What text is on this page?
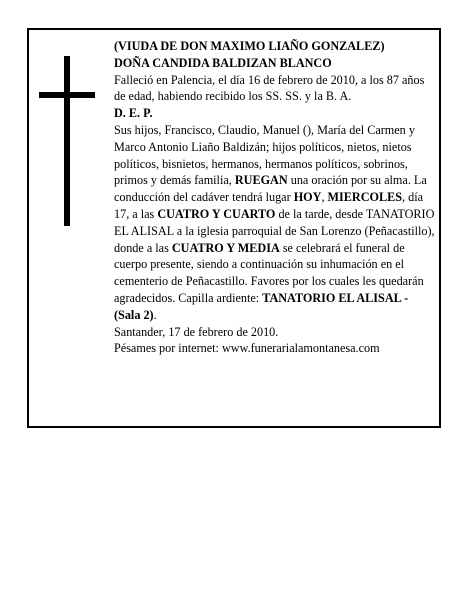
(VIUDA DE DON MAXIMO LIAÑO GONZALEZ)

DOÑA CANDIDA BALDIZAN BLANCO

Falleció en Palencia, el día 16 de febrero de 2010, a los 87 años de edad, habiendo recibido los SS. SS. y la B. A.

D. E. P.

Sus hijos, Francisco, Claudio, Manuel (), María del Carmen y Marco Antonio Liaño Baldizán; hijos políticos, nietos, nietos políticos, bisnietos, hermanos, hermanos políticos, sobrinos, primos y demás familia, RUEGAN una oración por su alma. La conducción del cadáver tendrá lugar HOY, MIERCOLES, día 17, a las CUATRO Y CUARTO de la tarde, desde TANATORIO EL ALISAL a la iglesia parroquial de San Lorenzo (Peñacastillo), donde a las CUATRO Y MEDIA se celebrará el funeral de cuerpo presente, siendo a continuación su inhumación en el cementerio de Peñacastillo. Favores por los cuales les quedarán agradecidos. Capilla ardiente: TANATORIO EL ALISAL - (Sala 2).

Santander, 17 de febrero de 2010.

Pésames por internet: www.funerarialamontanesa.com
